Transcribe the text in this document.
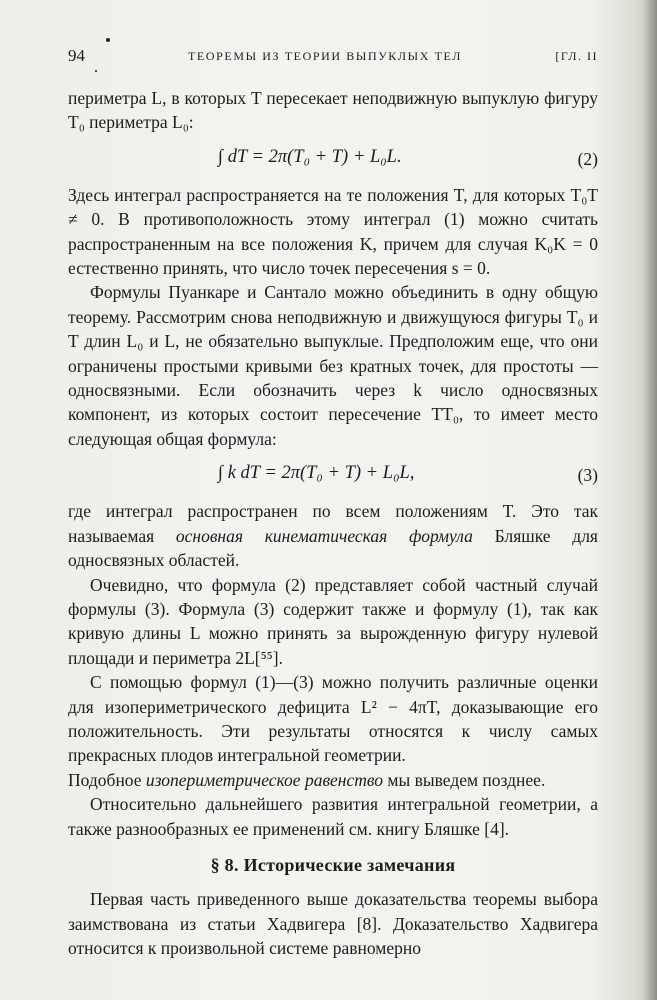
94	ТЕОРЕМЫ ИЗ ТЕОРИИ ВЫПУКЛЫХ ТЕЛ	[ГЛ. II

периметра L, в которых T пересекает неподвижную выпуклую фигуру T₀ периметра L₀:

∫ dT = 2π(T₀ + T) + L₀L.	(2)

Здесь интеграл распространяется на те положения T, для которых T₀T ≠ 0. В противоположность этому интеграл (1) можно считать распространенным на все положения K, причем для случая K₀K = 0 естественно принять, что число точек пересечения s = 0.

Формулы Пуанкаре и Сантало можно объединить в одну общую теорему. Рассмотрим снова неподвижную и движущуюся фигуры T₀ и T длин L₀ и L, не обязательно выпуклые. Предположим еще, что они ограничены простыми кривыми без кратных точек, для простоты — односвязными. Если обозначить через k число односвязных компонент, из которых состоит пересечение TT₀, то имеет место следующая общая формула:

∫ k dT = 2π(T₀ + T) + L₀L,	(3)

где интеграл распространен по всем положениям T. Это так называемая основная кинематическая формула Бляшке для односвязных областей.

Очевидно, что формула (2) представляет собой частный случай формулы (3). Формула (3) содержит также и формулу (1), так как кривую длины L можно принять за вырожденную фигуру нулевой площади и периметра 2L[⁵⁵].

С помощью формул (1)—(3) можно получить различные оценки для изопериметрического дефицита L² − 4πT, доказывающие его положительность. Эти результаты относятся к числу самых прекрасных плодов интегральной геометрии.

Подобное изопериметрическое равенство мы выведем позднее.

Относительно дальнейшего развития интегральной геометрии, а также разнообразных ее применений см. книгу Бляшке [4].

§ 8. Исторические замечания

Первая часть приведенного выше доказательства теоремы выбора заимствована из статьи Хадвигера [8]. Доказательство Хадвигера относится к произвольной системе равномерно
